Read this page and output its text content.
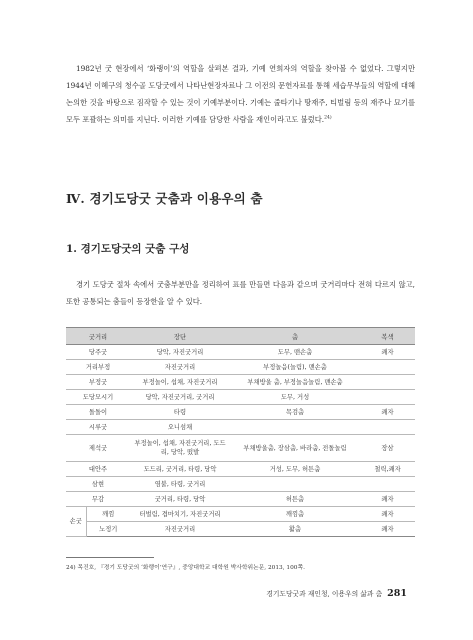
1982년 굿 현장에서 ‘화랭이’의 역할을 살펴본 결과, 기예 연희자의 역할을 찾아볼 수 없었다. 그렇지만 1944년 이혜구의 청수골 도당굿에서 나타난현장자료나 그 이전의 문헌자료를 통해 세습무부들의 역할에 대해 논의한 것을 바탕으로 짐작할 수 있는 것이 기예부분이다. 기예는 줄타기나 땅재주, 티벌림 등의 재주나 묘기를 모두 포괄하는 의미를 지닌다. 이러한 기예를 담당한 사람을 재인이라고도 불렀다.$^{24)}$

Ⅳ. 경기도당굿 굿춤과 이용우의 춤
1. 경기도당굿의 굿춤 구성

경기 도당굿 절차 속에서 굿춤부분만을 정리하여 표를 만들면 다음과 같으며 굿거리마다 전혀 다르지 않고, 또한 공통되는 춤들이 등장한을 알 수 있다.

굿거리		장단	춤	복색
당주굿		당악, 자진굿거리	도무, 맨손춤	쾌자
거리부정		자진굿거리	부정놀음(놀림), 맨손춤	
부정굿		부정놀이, 섭채, 자진굿거리	부채방울 춤, 부정놀음놀림, 맨손춤	
도당모시기		당악, 자진굿거리, 굿거리	도무, 거성	
돌돌이		타령	목검춤	쾌자
시루굿		오니섬채		
제석굿		부정놀이, 섭채, 자진굿거리, 도드리, 당악, 떴발	부채방울춤, 장삼춤, 바라춤, 전돌놀림	장삼
대안주		도드리, 굿거리, 타령, 당악	거성, 도무, 허튼춤	철릭,쾌자
삼현		염불, 타령, 굿거리		
무감		굿거리, 타령, 당악	허튼춤	쾌자
손굿	깨낌	터벌림, 겹마치기, 자진굿거리	깨낌춤	쾌자
	노정기	자진굿거리	활춤	쾌자

24) 목진호, 『경기 도당굿의 ‘화랭이’연구』, 중앙대학교 대학원 박사학위논문, 2013, 100쪽.

경기도당굿과 재인청, 이용우의 삶과 춤 281
